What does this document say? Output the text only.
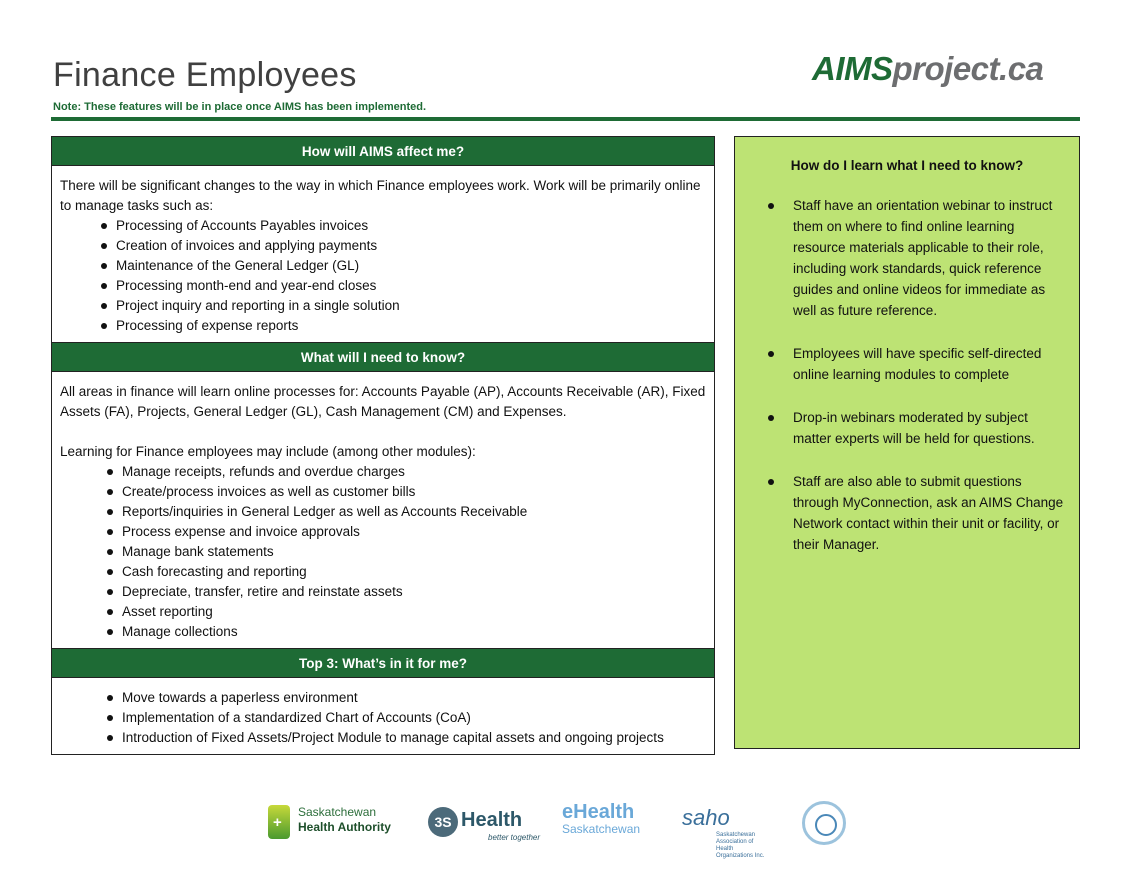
Finance Employees
Note: These features will be in place once AIMS has been implemented.
AIMSproject.ca
How will AIMS affect me?

There will be significant changes to the way in which Finance employees work. Work will be primarily online to manage tasks such as:

Processing of Accounts Payables invoices
Creation of invoices and applying payments
Maintenance of the General Ledger (GL)
Processing month-end and year-end closes
Project inquiry and reporting in a single solution
Processing of expense reports
What will I need to know?

All areas in finance will learn online processes for: Accounts Payable (AP), Accounts Receivable (AR), Fixed Assets (FA), Projects, General Ledger (GL), Cash Management (CM) and Expenses.

Learning for Finance employees may include (among other modules):

Manage receipts, refunds and overdue charges
Create/process invoices as well as customer bills
Reports/inquiries in General Ledger as well as Accounts Receivable
Process expense and invoice approvals
Manage bank statements
Cash forecasting and reporting
Depreciate, transfer, retire and reinstate assets
Asset reporting
Manage collections
Top 3: What’s in it for me?
Move towards a paperless environment
Implementation of a standardized Chart of Accounts (CoA)
Introduction of Fixed Assets/Project Module to manage capital assets and ongoing projects
How do I learn what I need to know?
Staff have an orientation webinar to instruct them on where to find online learning resource materials applicable to their role, including work standards, quick reference guides and online videos for immediate as well as future reference.
Employees will have specific self-directed online learning modules to complete
Drop-in webinars moderated by subject matter experts will be held for questions.
Staff are also able to submit questions through MyConnection, ask an AIMS Change Network contact within their unit or facility, or their Manager.
+
Saskatchewan
Health Authority	3S Health
better together
eHealth
Saskatchewan saho
Saskatchewan Association of Health Organizations Inc.
